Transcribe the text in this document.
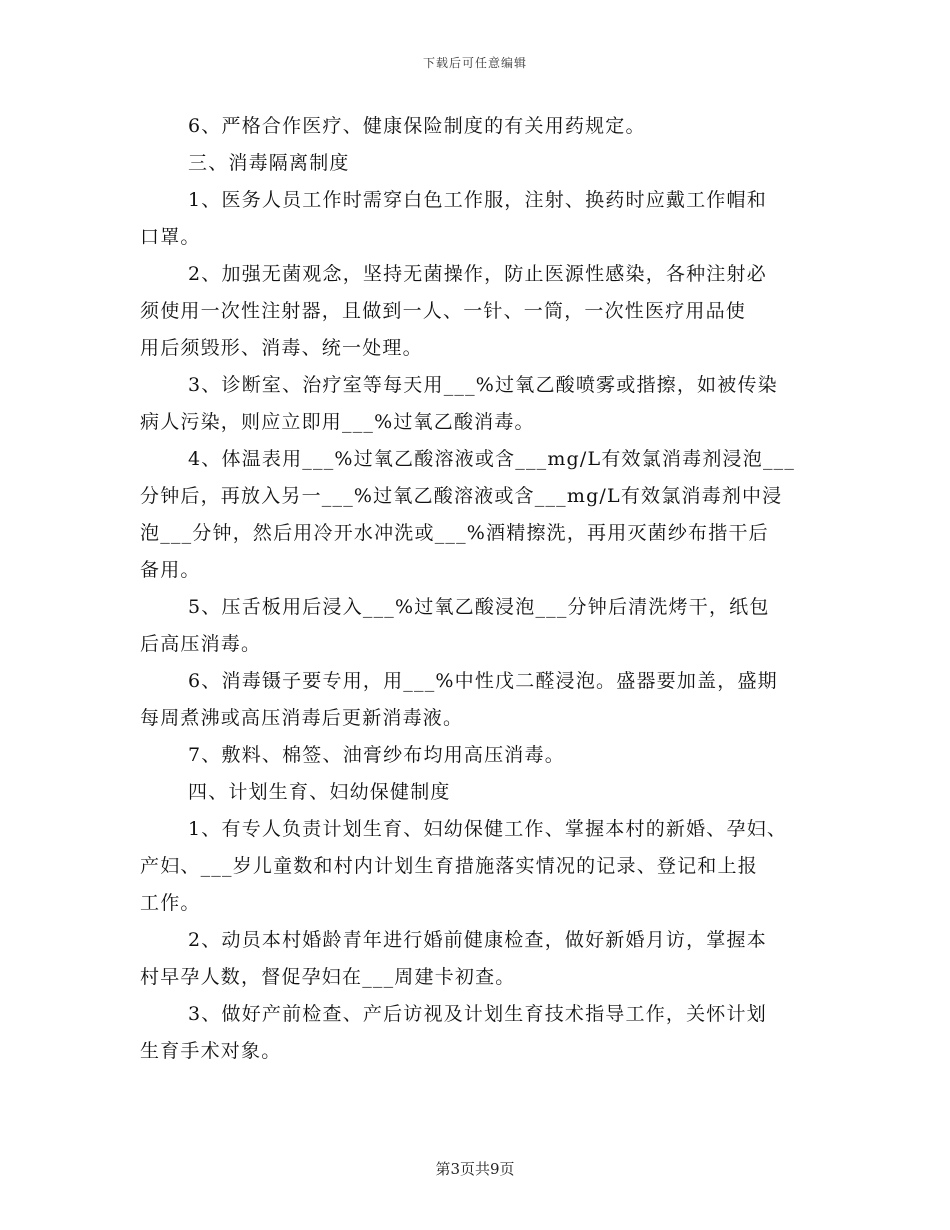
下载后可任意编辑
6、严格合作医疗、健康保险制度的有关用药规定。
三、消毒隔离制度
1、医务人员工作时需穿白色工作服，注射、换药时应戴工作帽和
口罩。
2、加强无菌观念，坚持无菌操作，防止医源性感染，各种注射必
须使用一次性注射器，且做到一人、一针、一筒，一次性医疗用品使
用后须毁形、消毒、统一处理。
3、诊断室、治疗室等每天用___%过氧乙酸喷雾或揩擦，如被传染
病人污染，则应立即用___%过氧乙酸消毒。
4、体温表用___%过氧乙酸溶液或含___mg/L有效氯消毒剂浸泡___
分钟后，再放入另一___%过氧乙酸溶液或含___mg/L有效氯消毒剂中浸
泡___分钟，然后用冷开水冲洗或___%酒精擦洗，再用灭菌纱布揩干后
备用。
5、压舌板用后浸入___%过氧乙酸浸泡___分钟后清洗烤干，纸包
后高压消毒。
6、消毒镊子要专用，用___%中性戊二醛浸泡。盛器要加盖，盛期
每周煮沸或高压消毒后更新消毒液。
7、敷料、棉签、油膏纱布均用高压消毒。
四、计划生育、妇幼保健制度
1、有专人负责计划生育、妇幼保健工作、掌握本村的新婚、孕妇、
产妇、___岁儿童数和村内计划生育措施落实情况的记录、登记和上报
工作。
2、动员本村婚龄青年进行婚前健康检查，做好新婚月访，掌握本
村早孕人数，督促孕妇在___周建卡初查。
3、做好产前检查、产后访视及计划生育技术指导工作，关怀计划
生育手术对象。
第3页共9页
